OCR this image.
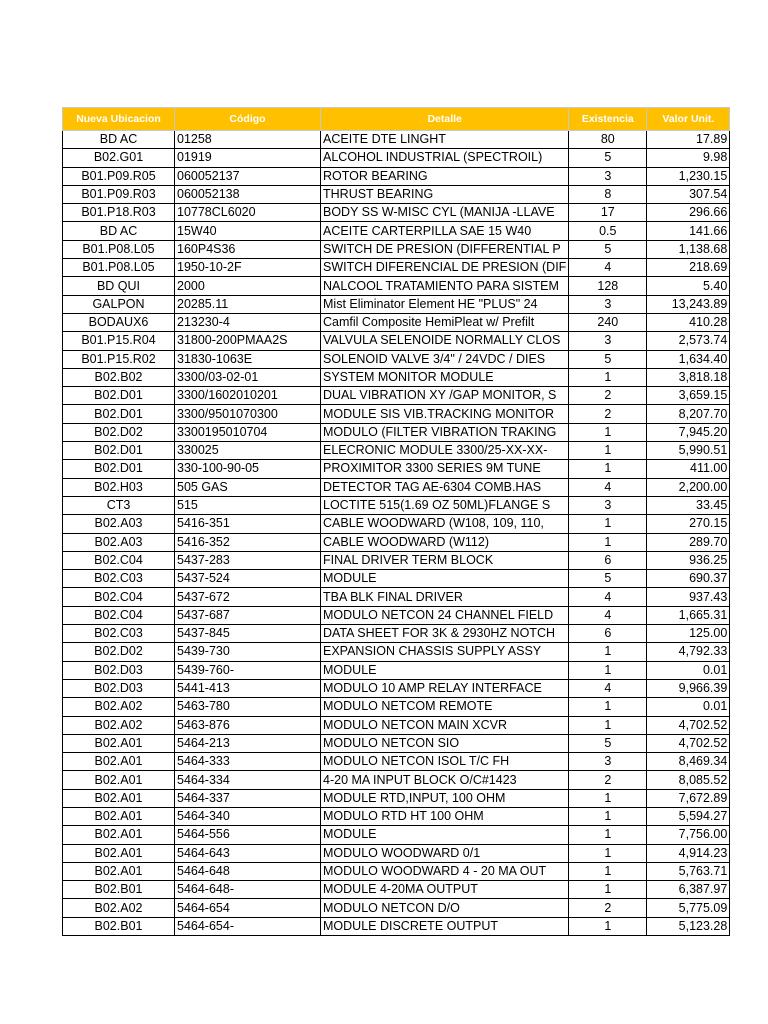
Nueva Ubicacion	Código	Detalle	Existencia	Valor Unit.
BD AC	01258	ACEITE DTE LINGHT	80	17.89
B02.G01	01919	ALCOHOL INDUSTRIAL (SPECTROIL)	5	9.98
B01.P09.R05	060052137	ROTOR BEARING	3	1,230.15
B01.P09.R03	060052138	THRUST BEARING	8	307.54
B01.P18.R03	10778CL6020	BODY SS W-MISC CYL (MANIJA -LLAVE	17	296.66
BD AC	15W40	ACEITE CARTERPILLA SAE 15 W40	0.5	141.66
B01.P08.L05	160P4S36	SWITCH DE PRESION (DIFFERENTIAL P	5	1,138.68
B01.P08.L05	1950-10-2F	SWITCH DIFERENCIAL DE PRESION (DIF	4	218.69
BD QUI	2000	NALCOOL TRATAMIENTO PARA SISTEM	128	5.40
GALPON	20285.11	Mist Eliminator Element HE "PLUS" 24	3	13,243.89
BODAUX6	213230-4	Camfil Composite HemiPleat w/ Prefilt	240	410.28
B01.P15.R04	31800-200PMAA2S	VALVULA SELENOIDE NORMALLY CLOS	3	2,573.74
B01.P15.R02	31830-1063E	SOLENOID VALVE 3/4" / 24VDC / DIES	5	1,634.40
B02.B02	3300/03-02-01	SYSTEM MONITOR MODULE	1	3,818.18
B02.D01	3300/1602010201	DUAL VIBRATION XY /GAP MONITOR, S	2	3,659.15
B02.D01	3300/9501070300	MODULE SIS VIB.TRACKING MONITOR	2	8,207.70
B02.D02	3300195010704	MODULO (FILTER VIBRATION TRAKING	1	7,945.20
B02.D01	330025	ELECRONIC MODULE 3300/25-XX-XX-	1	5,990.51
B02.D01	330-100-90-05	PROXIMITOR 3300 SERIES 9M TUNE	1	411.00
B02.H03	505 GAS	DETECTOR TAG AE-6304 COMB.HAS	4	2,200.00
CT3	515	LOCTITE 515(1.69 OZ 50ML)FLANGE S	3	33.45
B02.A03	5416-351	CABLE WOODWARD (W108, 109, 110,	1	270.15
B02.A03	5416-352	CABLE WOODWARD (W112)	1	289.70
B02.C04	5437-283	FINAL DRIVER TERM BLOCK	6	936.25
B02.C03	5437-524	MODULE	5	690.37
B02.C04	5437-672	TBA BLK FINAL DRIVER	4	937.43
B02.C04	5437-687	MODULO NETCON 24 CHANNEL FIELD	4	1,665.31
B02.C03	5437-845	DATA SHEET FOR 3K & 2930HZ NOTCH	6	125.00
B02.D02	5439-730	EXPANSION CHASSIS SUPPLY ASSY	1	4,792.33
B02.D03	5439-760-	MODULE	1	0.01
B02.D03	5441-413	MODULO 10 AMP RELAY INTERFACE	4	9,966.39
B02.A02	5463-780	MODULO NETCOM REMOTE	1	0.01
B02.A02	5463-876	MODULO NETCON MAIN XCVR	1	4,702.52
B02.A01	5464-213	MODULO NETCON SIO	5	4,702.52
B02.A01	5464-333	MODULO NETCON ISOL T/C FH	3	8,469.34
B02.A01	5464-334	4-20 MA INPUT BLOCK O/C#1423	2	8,085.52
B02.A01	5464-337	MODULE RTD,INPUT, 100 OHM	1	7,672.89
B02.A01	5464-340	MODULO RTD HT 100 OHM	1	5,594.27
B02.A01	5464-556	MODULE	1	7,756.00
B02.A01	5464-643	MODULO WOODWARD 0/1	1	4,914.23
B02.A01	5464-648	MODULO WOODWARD 4 - 20 MA OUT	1	5,763.71
B02.B01	5464-648-	MODULE 4-20MA OUTPUT	1	6,387.97
B02.A02	5464-654	MODULO NETCON D/O	2	5,775.09
B02.B01	5464-654-	MODULE DISCRETE OUTPUT	1	5,123.28
